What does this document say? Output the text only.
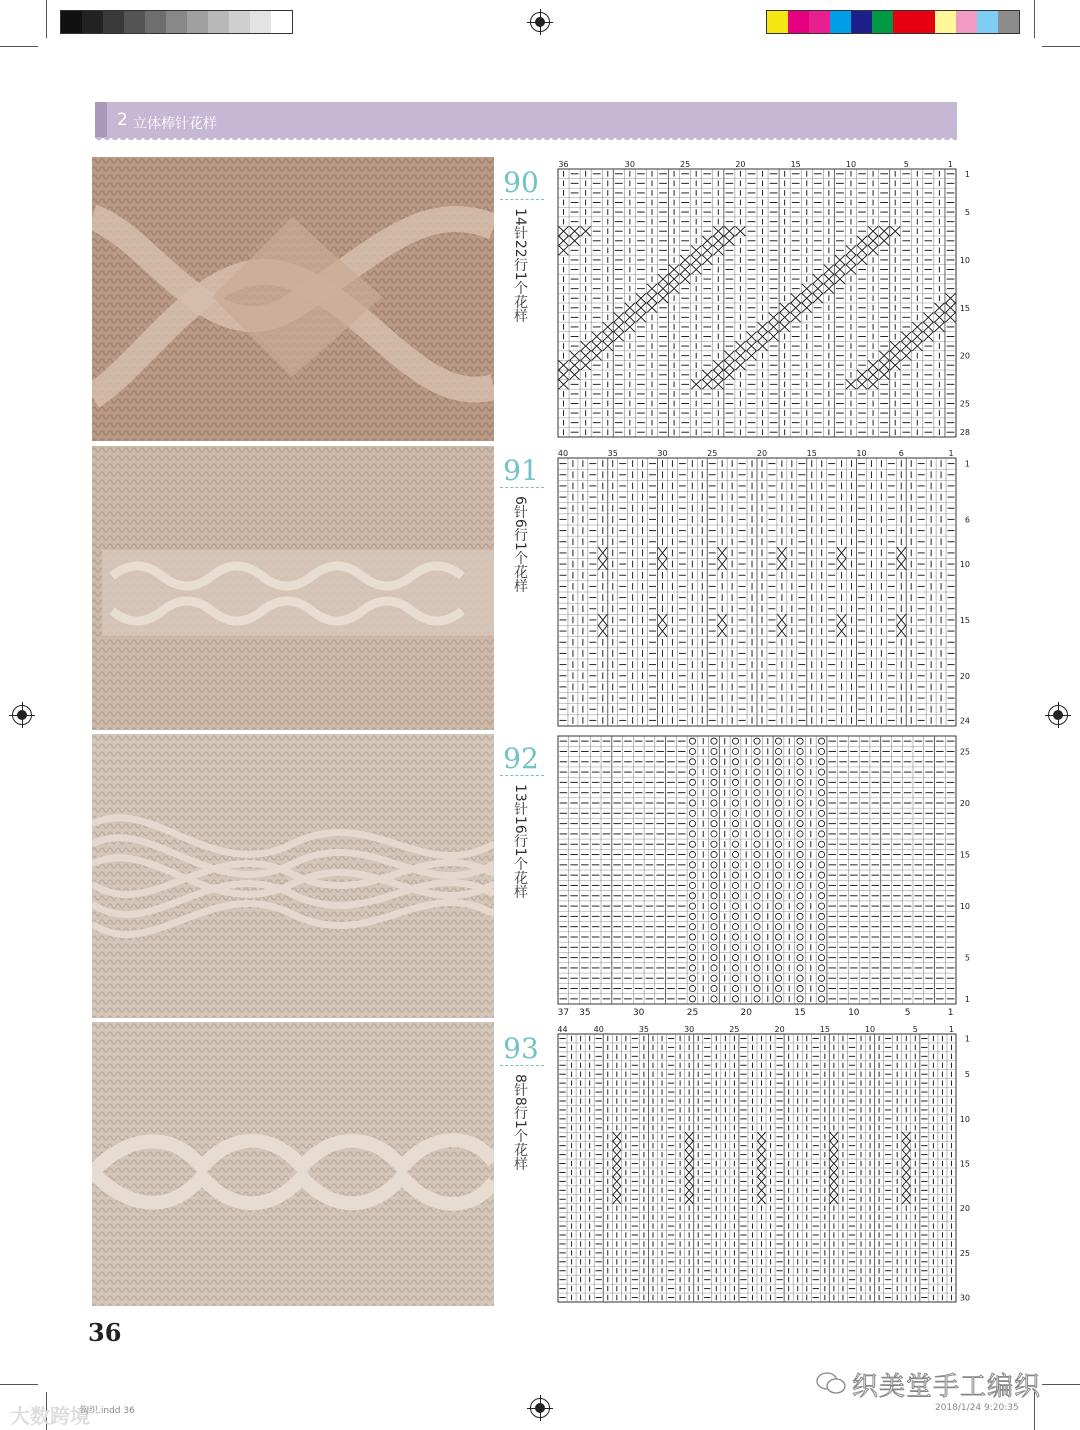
2 立体棒针花样
90
14针22行1个花样
36	30	25	20	15	10	5	1
1
5
10
15
20
25
28
91
6针6行1个花样
40	35	30	25	20	15	10	6	1
1
6
10
15
20
24
92
13针16行1个花样
37 35	30	25	20	15	10	5	1
25
20
15
10
5
1
93
8针8行1个花样
44	40	35	30	25	20	15	10	5	1
1
5
10
15
20
25
30
36
大数跨境
钩织.indd 36	2018/1/24 9:20:35
织美堂手工编织
